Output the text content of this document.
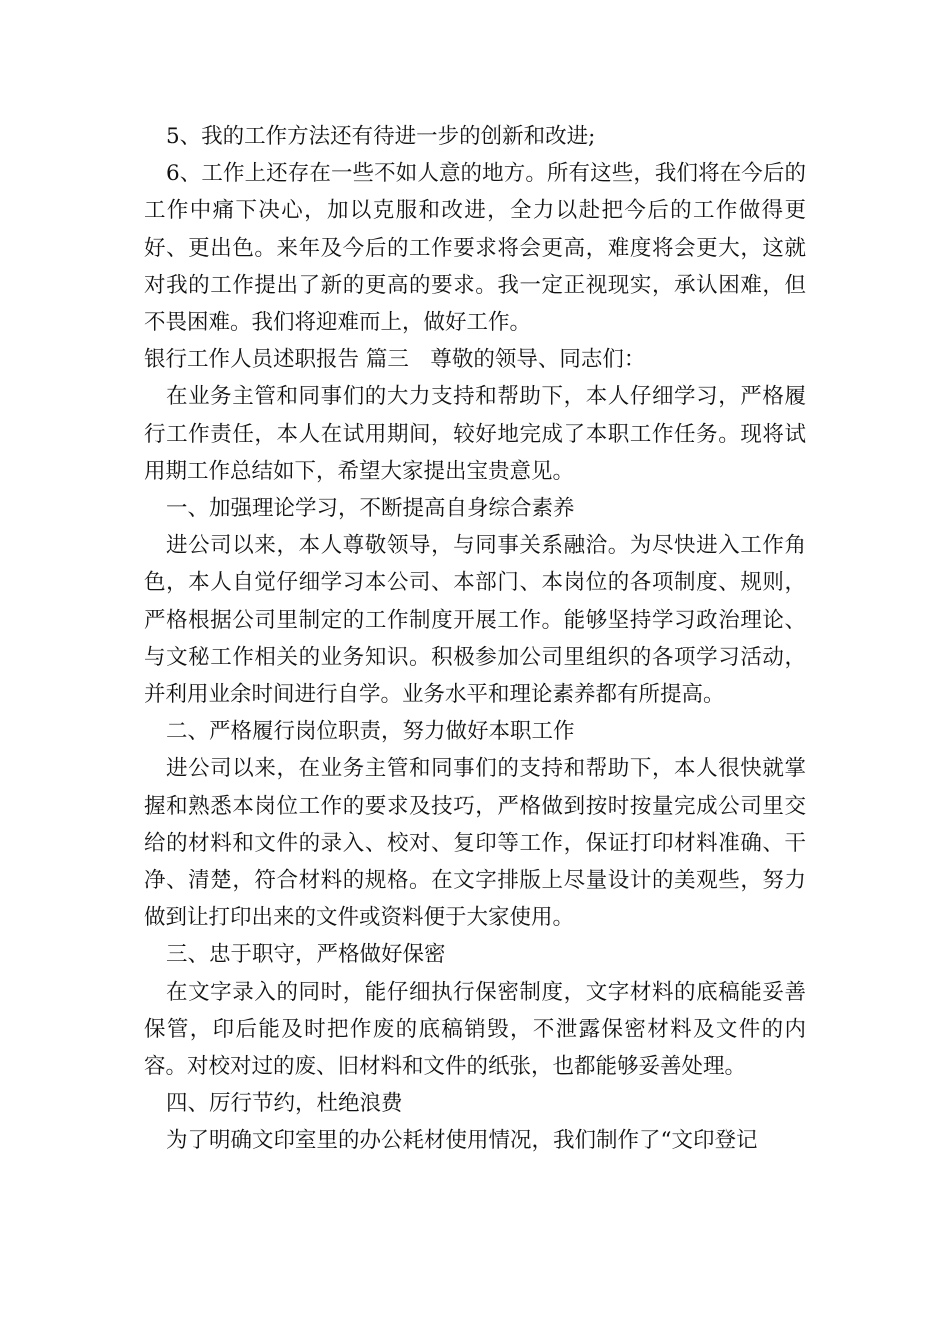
5、我的工作方法还有待进一步的创新和改进;

6、工作上还存在一些不如人意的地方。所有这些，我们将在今后的工作中痛下决心，加以克服和改进，全力以赴把今后的工作做得更好、更出色。来年及今后的工作要求将会更高，难度将会更大，这就对我的工作提出了新的更高的要求。我一定正视现实，承认困难，但不畏困难。我们将迎难而上，做好工作。

银行工作人员述职报告 篇三　尊敬的领导、同志们：

在业务主管和同事们的大力支持和帮助下，本人仔细学习，严格履行工作责任，本人在试用期间，较好地完成了本职工作任务。现将试用期工作总结如下，希望大家提出宝贵意见。

一、加强理论学习，不断提高自身综合素养

进公司以来，本人尊敬领导，与同事关系融洽。为尽快进入工作角色，本人自觉仔细学习本公司、本部门、本岗位的各项制度、规则，严格根据公司里制定的工作制度开展工作。能够坚持学习政治理论、与文秘工作相关的业务知识。积极参加公司里组织的各项学习活动，并利用业余时间进行自学。业务水平和理论素养都有所提高。

二、严格履行岗位职责，努力做好本职工作

进公司以来，在业务主管和同事们的支持和帮助下，本人很快就掌握和熟悉本岗位工作的要求及技巧，严格做到按时按量完成公司里交给的材料和文件的录入、校对、复印等工作，保证打印材料准确、干净、清楚，符合材料的规格。在文字排版上尽量设计的美观些，努力做到让打印出来的文件或资料便于大家使用。

三、忠于职守，严格做好保密

在文字录入的同时，能仔细执行保密制度，文字材料的底稿能妥善保管，印后能及时把作废的底稿销毁，不泄露保密材料及文件的内容。对校对过的废、旧材料和文件的纸张，也都能够妥善处理。

四、厉行节约，杜绝浪费

为了明确文印室里的办公耗材使用情况，我们制作了“文印登记
